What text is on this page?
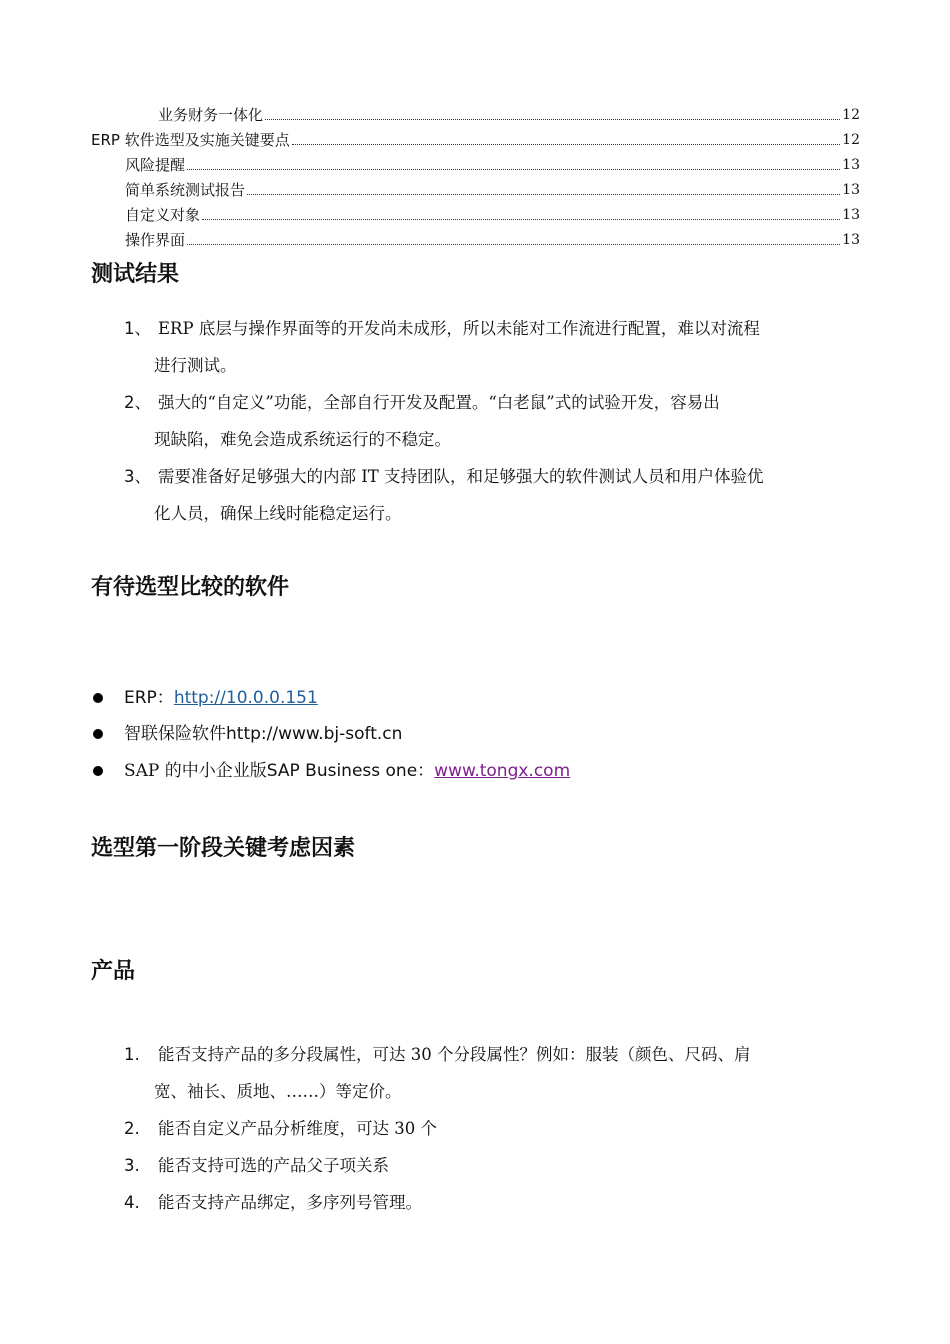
业务财务一体化	12
ERP 软件选型及实施关键要点	12
风险提醒	13
简单系统测试报告	13
自定义对象	13
操作界面	13
测试结果
1、 ERP 底层与操作界面等的开发尚未成形，所以未能对工作流进行配置，难以对流程
进行测试。
2、 强大的“自定义”功能，全部自行开发及配置。“白老鼠”式的试验开发，容易出
现缺陷，难免会造成系统运行的不稳定。
3、 需要准备好足够强大的内部 IT 支持团队，和足够强大的软件测试人员和用户体验优
化人员，确保上线时能稳定运行。
有待选型比较的软件
ERP： http://10.0.0.151
智联保险软件 http://www.bj-soft.cn
SAP 的中小企业版 SAP Business one： www.tongx.com
选型第一阶段关键考虑因素
产品
1. 能否支持产品的多分段属性，可达 30 个分段属性？例如：服装（颜色、尺码、肩
宽、袖长、质地、……）等定价。
2. 能否自定义产品分析维度，可达 30 个
3. 能否支持可选的产品父子项关系
4. 能否支持产品绑定，多序列号管理。
